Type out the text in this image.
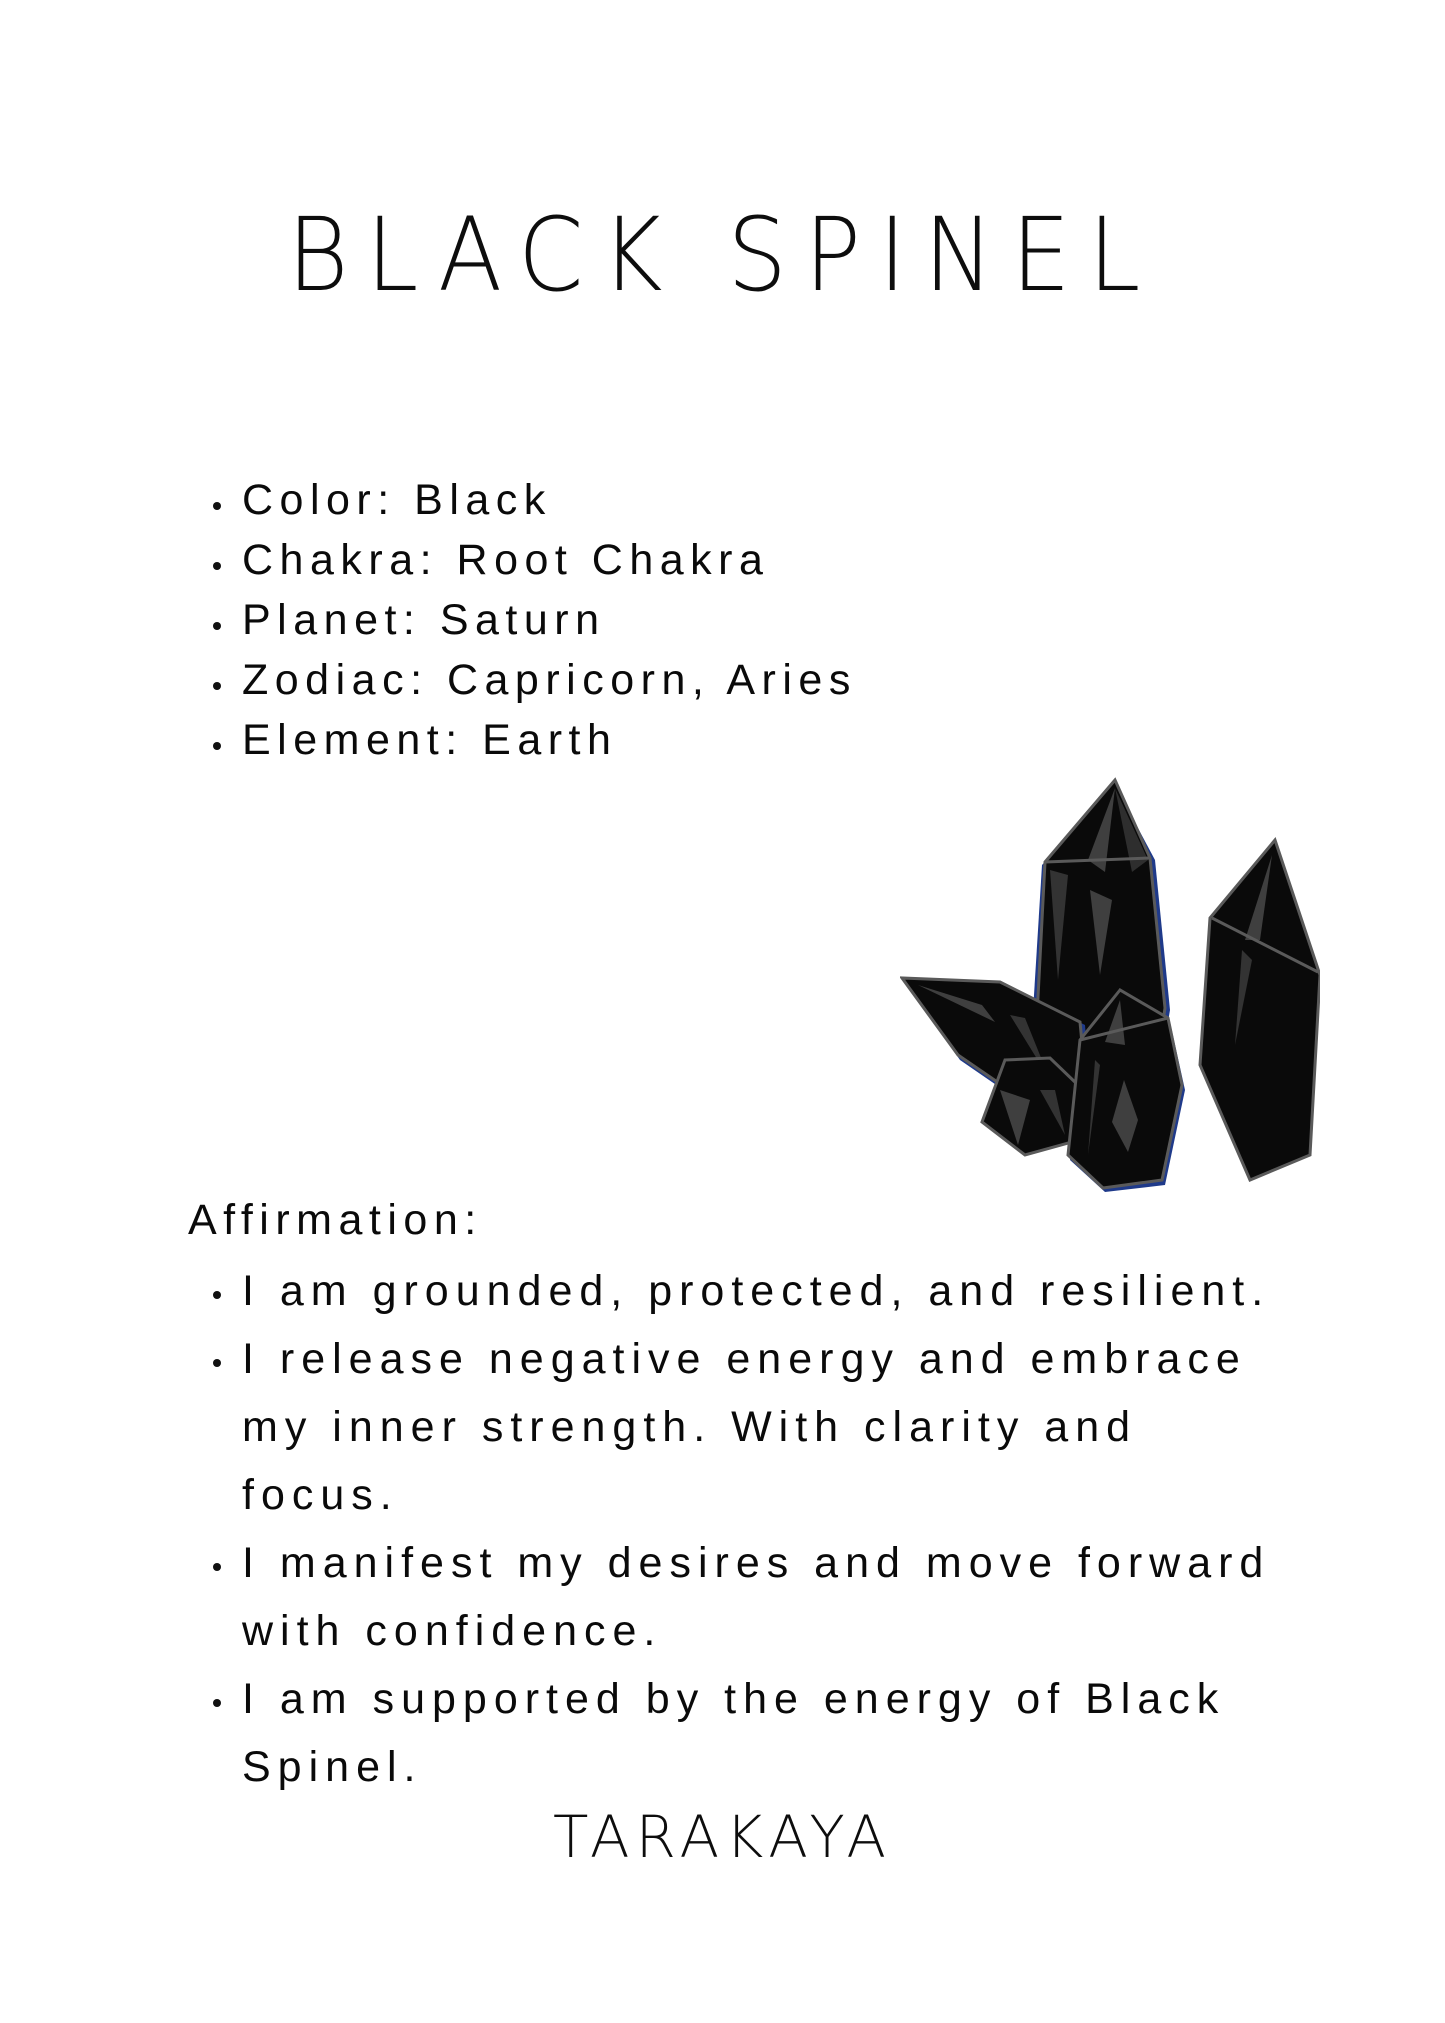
BLACK SPINEL
Color: Black
Chakra: Root Chakra
Planet: Saturn
Zodiac: Capricorn, Aries
Element: Earth

Affirmation:

I am grounded, protected, and resilient.
I release negative energy and embrace
my inner strength. With clarity and
focus.
I manifest my desires and move forward
with confidence.
I am supported by the energy of Black
Spinel.
TARAKAYA
